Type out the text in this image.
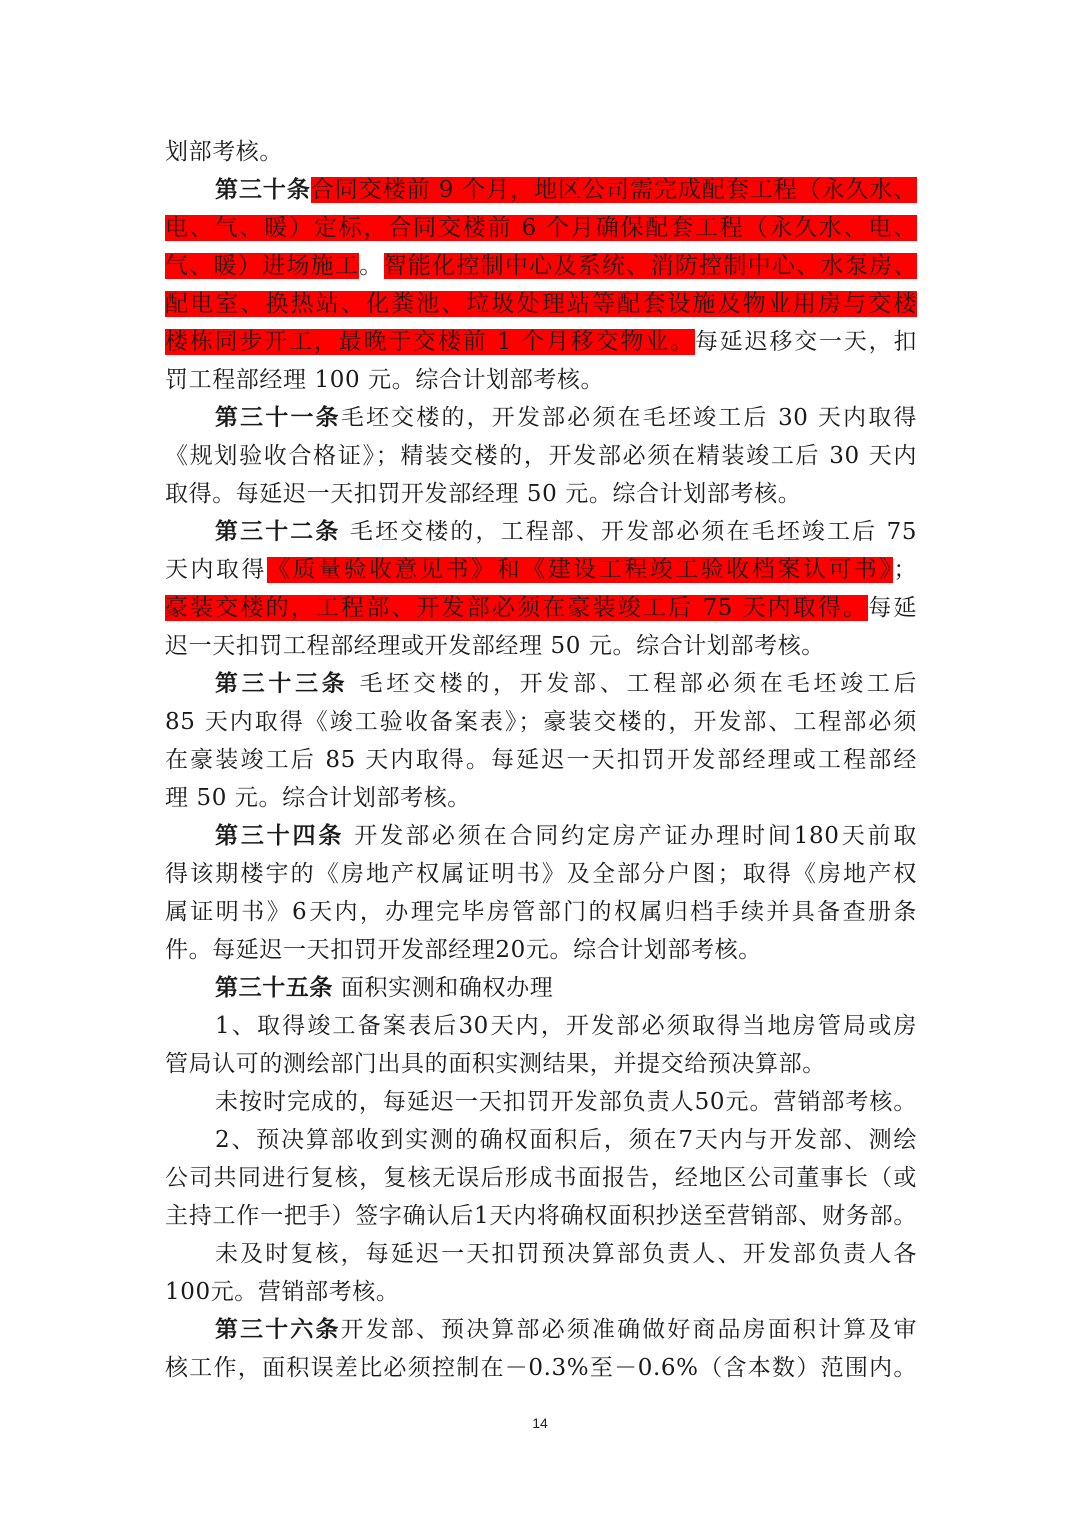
划部考核。
第三十条合同交楼前 9 个月，地区公司需完成配套工程（永久水、
电、气、暖）定标，合同交楼前 6 个月确保配套工程（永久水、电、
气、暖）进场施工。智能化控制中心及系统、消防控制中心、水泵房、
配电室、换热站、化粪池、垃圾处理站等配套设施及物业用房与交楼
楼栋同步开工，最晚于交楼前 1 个月移交物业。每延迟移交一天，扣
罚工程部经理 100 元。综合计划部考核。
第三十一条毛坯交楼的，开发部必须在毛坯竣工后 30 天内取得
《规划验收合格证》；精装交楼的，开发部必须在精装竣工后 30 天内
取得。每延迟一天扣罚开发部经理 50 元。综合计划部考核。
第三十二条 毛坯交楼的，工程部、开发部必须在毛坯竣工后 75
天内取得《质量验收意见书》和《建设工程竣工验收档案认可书》；
豪装交楼的，工程部、开发部必须在豪装竣工后 75 天内取得。每延
迟一天扣罚工程部经理或开发部经理 50 元。综合计划部考核。
第三十三条 毛坯交楼的，开发部、工程部必须在毛坯竣工后
85 天内取得《竣工验收备案表》；豪装交楼的，开发部、工程部必须
在豪装竣工后 85 天内取得。每延迟一天扣罚开发部经理或工程部经
理 50 元。综合计划部考核。
第三十四条 开发部必须在合同约定房产证办理时间180天前取
得该期楼宇的《房地产权属证明书》及全部分户图；取得《房地产权
属证明书》6天内，办理完毕房管部门的权属归档手续并具备查册条
件。每延迟一天扣罚开发部经理20元。综合计划部考核。
第三十五条 面积实测和确权办理
1、取得竣工备案表后30天内，开发部必须取得当地房管局或房
管局认可的测绘部门出具的面积实测结果，并提交给预决算部。
未按时完成的，每延迟一天扣罚开发部负责人50元。营销部考核。
2、预决算部收到实测的确权面积后，须在7天内与开发部、测绘
公司共同进行复核，复核无误后形成书面报告，经地区公司董事长（或
主持工作一把手）签字确认后1天内将确权面积抄送至营销部、财务部。
未及时复核，每延迟一天扣罚预决算部负责人、开发部负责人各
100元。营销部考核。
第三十六条开发部、预决算部必须准确做好商品房面积计算及审
核工作，面积误差比必须控制在－0.3%至－0.6%（含本数）范围内。
14
